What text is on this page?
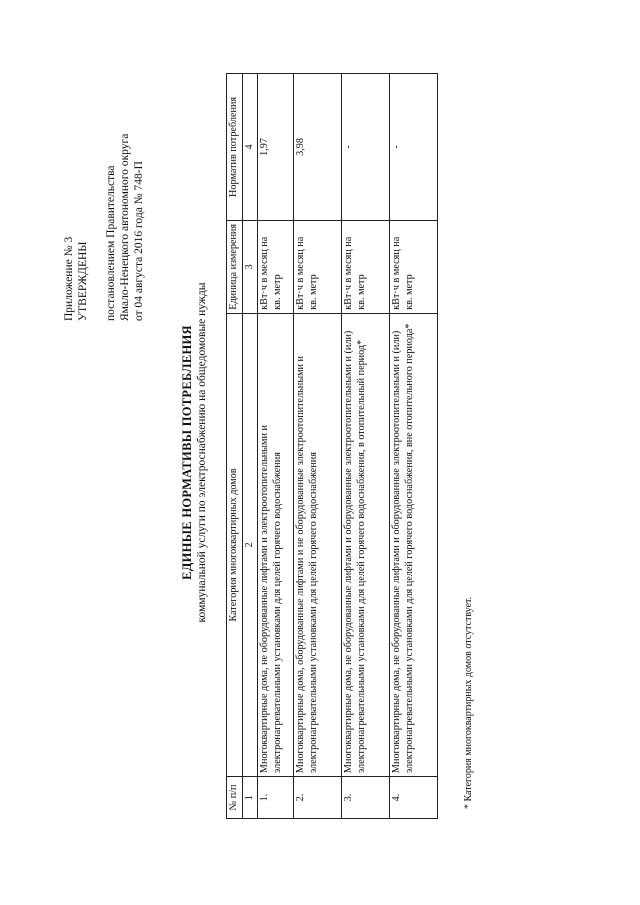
Приложение № 3 УТВЕРЖДЕНЫ постановлением Правительства Ямало-Ненецкого автономного округа от 04 августа 2016 года № 748-П
ЕДИНЫЕ НОРМАТИВЫ ПОТРЕБЛЕНИЯ коммунальной услуги по электроснабжению на общедомовые нужды
№ п/п	Категория многоквартирных домов	Единица измерения	Норматив потребления
1	2	3	4
1.	Многоквартирные дома, не оборудованные лифтами и электроотопительными и электронагревательными установками для целей горячего водоснабжения	кВт·ч в месяц на кв. метр	1,97
2.	Многоквартирные дома, оборудованные лифтами и не оборудованные электроотопительными и электронагревательными установками для целей горячего водоснабжения	кВт·ч в месяц на кв. метр	3,98
3.	Многоквартирные дома, не оборудованные лифтами и оборудованные электроотопительными и (или) электронагревательными установками для целей горячего водоснабжения, в отопительный период*	кВт·ч в месяц на кв. метр	-
4.	Многоквартирные дома, не оборудованные лифтами и оборудованные электроотопительными и (или) электронагревательными установками для целей горячего водоснабжения, вне отопительного периода*	кВт·ч в месяц на кв. метр	-
* Категория многоквартирных домов отсутствует.
